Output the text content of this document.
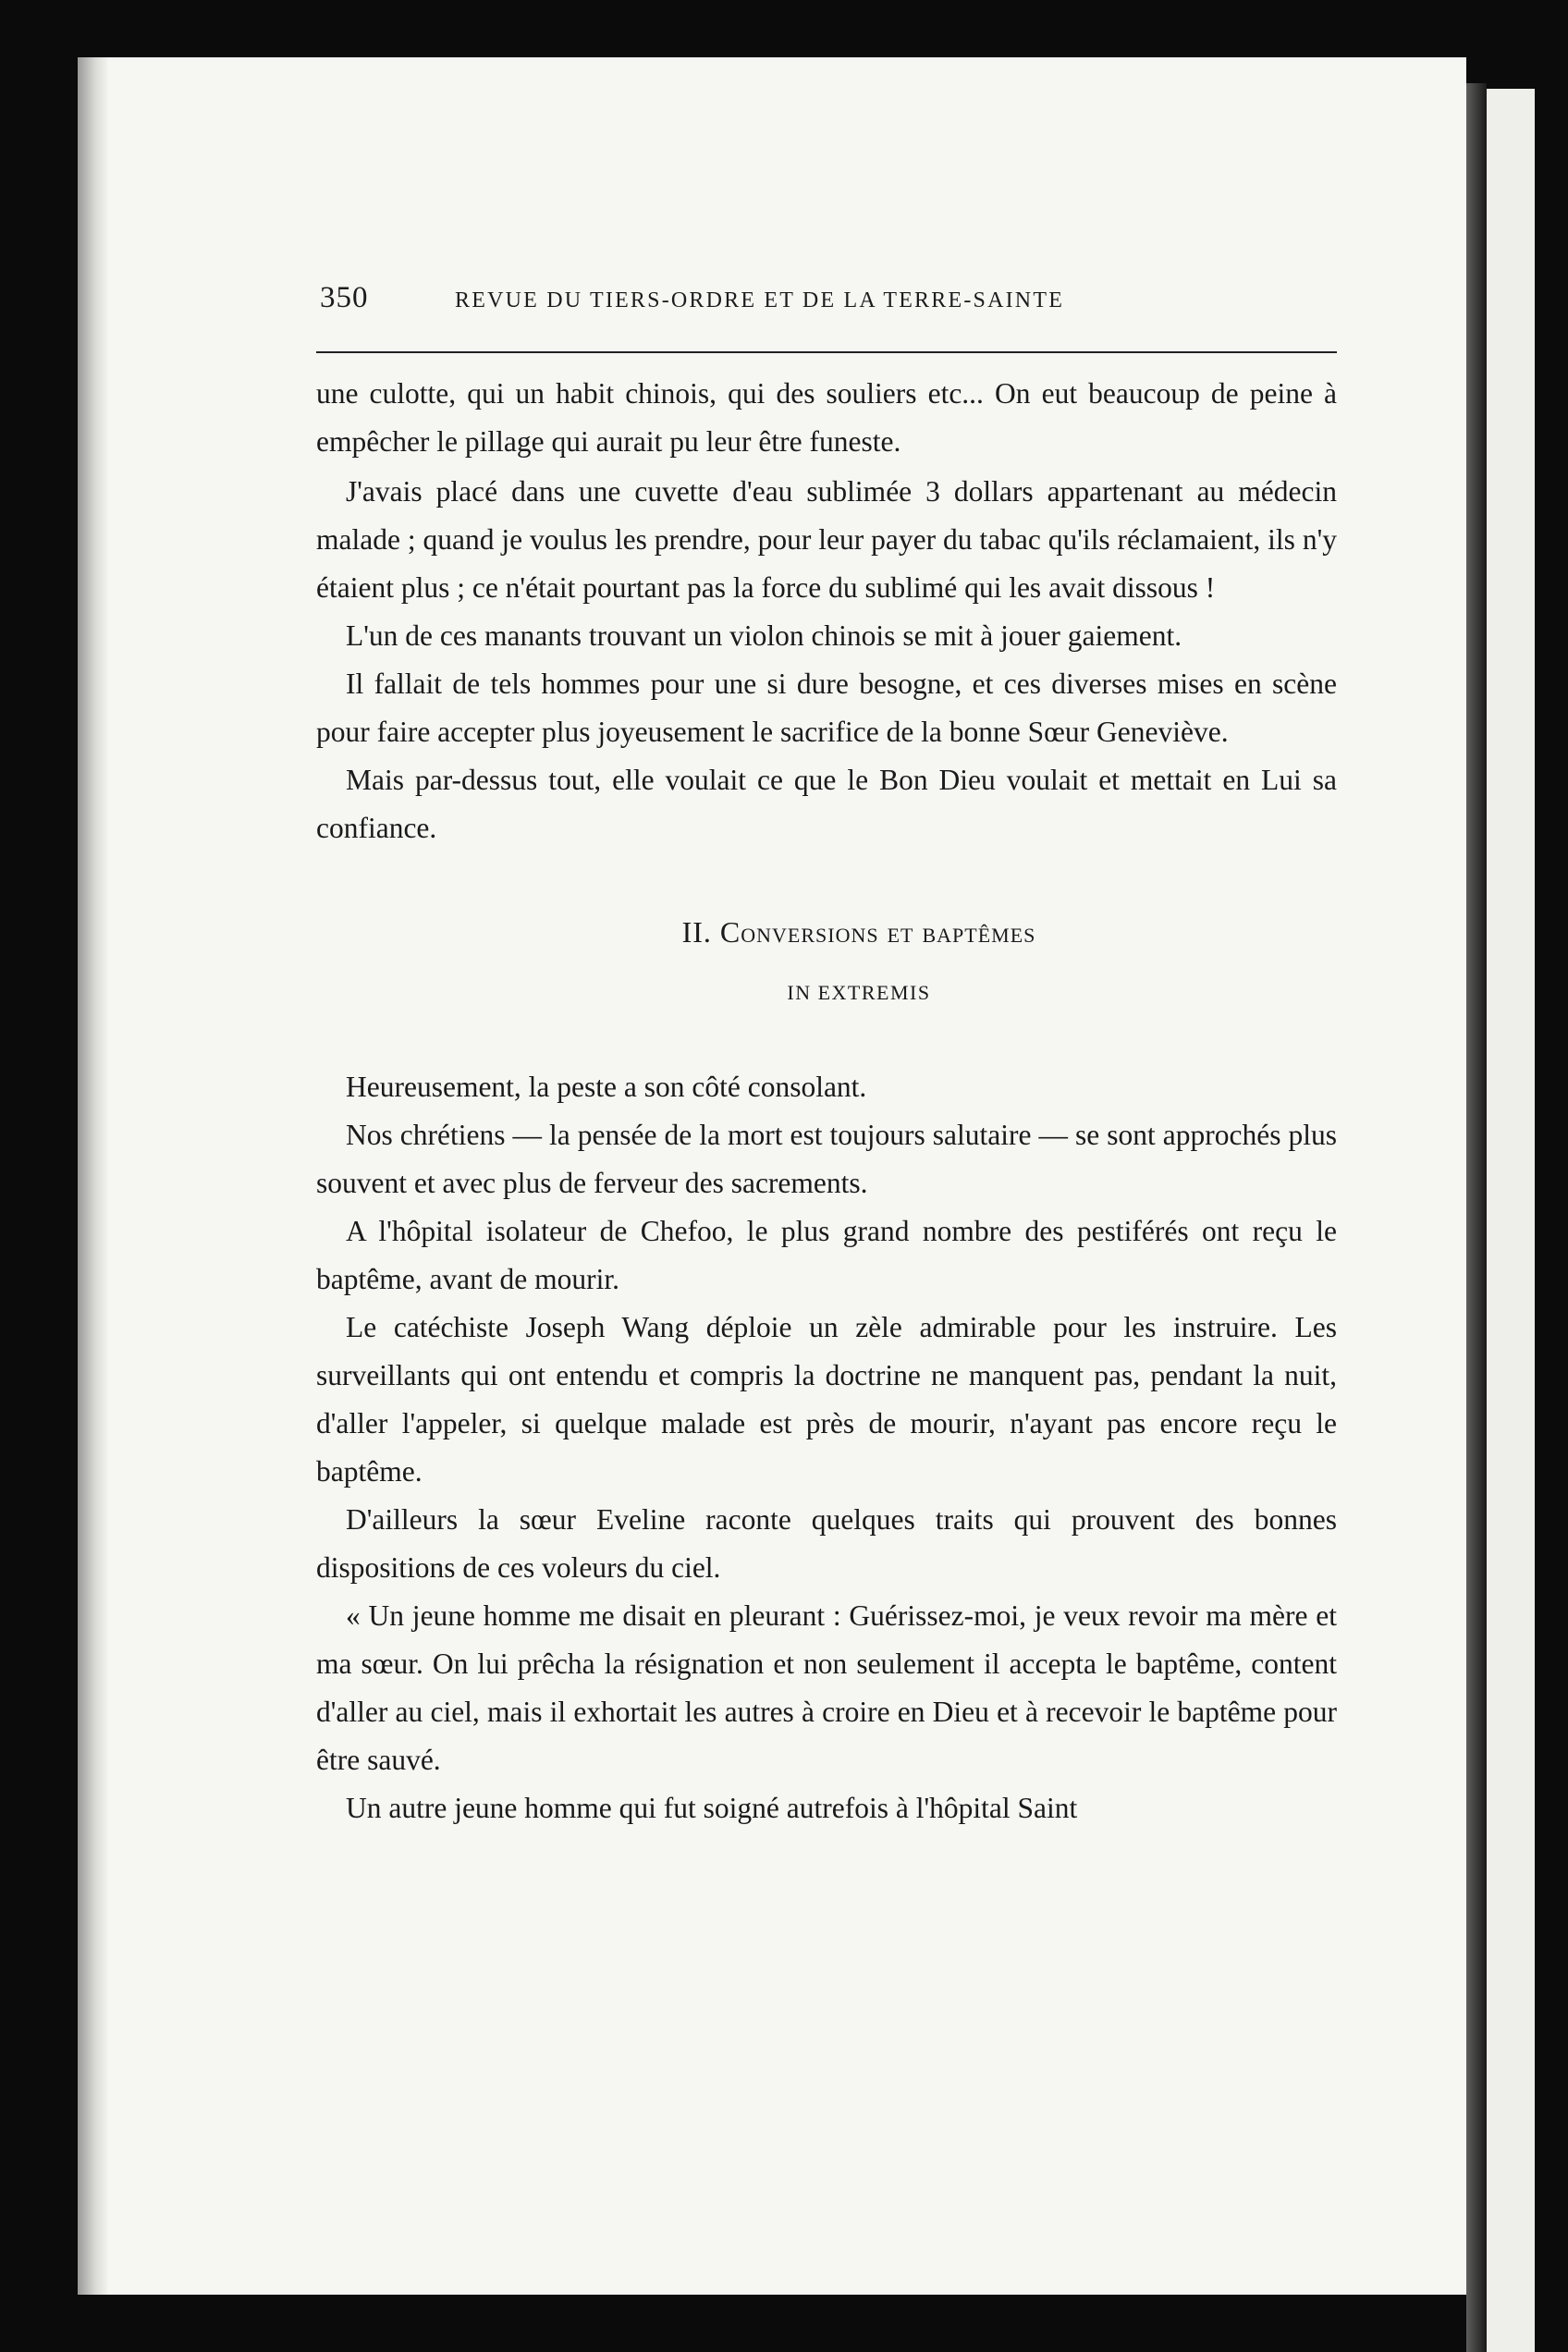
350	REVUE DU TIERS-ORDRE ET DE LA TERRE-SAINTE

une culotte, qui un habit chinois, qui des souliers etc... On eut beaucoup de peine à empêcher le pillage qui aurait pu leur être funeste.

J'avais placé dans une cuvette d'eau sublimée 3 dollars appartenant au médecin malade ; quand je voulus les prendre, pour leur payer du tabac qu'ils réclamaient, ils n'y étaient plus ; ce n'était pourtant pas la force du sublimé qui les avait dissous !

L'un de ces manants trouvant un violon chinois se mit à jouer gaiement.

Il fallait de tels hommes pour une si dure besogne, et ces diverses mises en scène pour faire accepter plus joyeusement le sacrifice de la bonne Sœur Geneviève.

Mais par-dessus tout, elle voulait ce que le Bon Dieu voulait et mettait en Lui sa confiance.

II. Conversions et baptêmes
IN EXTREMIS

Heureusement, la peste a son côté consolant.

Nos chrétiens — la pensée de la mort est toujours salutaire — se sont approchés plus souvent et avec plus de ferveur des sacrements.

A l'hôpital isolateur de Chefoo, le plus grand nombre des pestiférés ont reçu le baptême, avant de mourir.

Le catéchiste Joseph Wang déploie un zèle admirable pour les instruire. Les surveillants qui ont entendu et compris la doctrine ne manquent pas, pendant la nuit, d'aller l'appeler, si quelque malade est près de mourir, n'ayant pas encore reçu le baptême.

D'ailleurs la sœur Eveline raconte quelques traits qui prouvent des bonnes dispositions de ces voleurs du ciel.

« Un jeune homme me disait en pleurant : Guérissez-moi, je veux revoir ma mère et ma sœur. On lui prêcha la résignation et non seulement il accepta le baptême, content d'aller au ciel, mais il exhortait les autres à croire en Dieu et à recevoir le baptême pour être sauvé.

Un autre jeune homme qui fut soigné autrefois à l'hôpital Saint
